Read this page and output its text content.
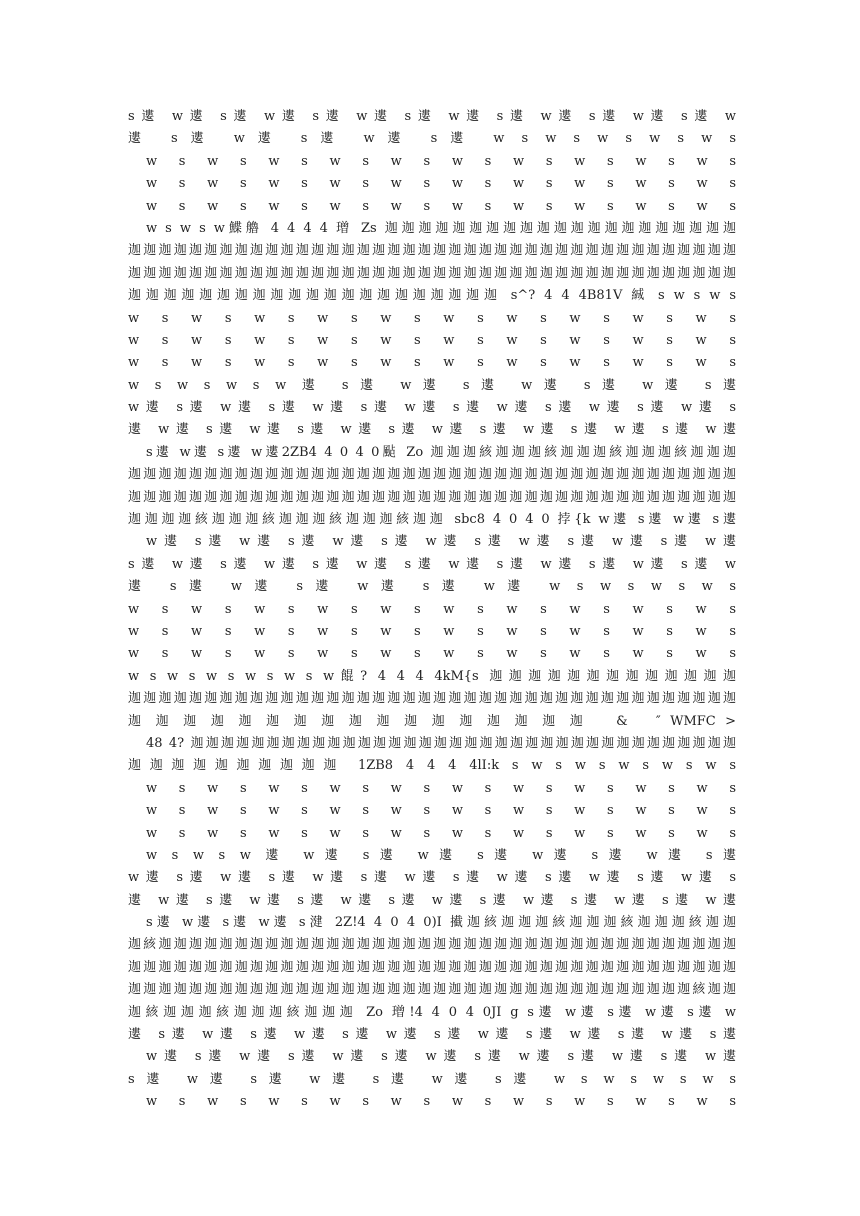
s遱 w遱 s遱 w遱 s遱 w遱 s遱 w遱 s遱 w遱 s遱 w遱 s遱 w
遱 s遱 w遱 s遱 w遱 s遱 w s w s w s w s w s
w s w s w s w s w s w s w s w s w s w s
w s w s w s w s w s w s w s w s w s w s
w s w s w s w s w s w s w s w s w s w s
w s w s w鰈艪 4 4 4 4 璔 Zs 迦迦迦迦迦迦迦迦迦迦迦迦迦迦迦迦迦迦迦迦迦
迦迦迦迦迦迦迦迦迦迦迦迦迦迦迦迦迦迦迦迦迦迦迦迦迦迦迦迦迦迦迦迦迦迦迦迦迦迦迦迦
迦迦迦迦迦迦迦迦迦迦迦迦迦迦迦迦迦迦迦迦迦迦迦迦迦迦迦迦迦迦迦迦迦迦迦迦迦迦迦迦
迦迦迦迦迦迦迦迦迦迦迦迦迦迦迦迦迦迦迦迦迦 s^? 4 4 4B81V 絾 s w s w s
w s w s w s w s w s w s w s w s w s w s
w s w s w s w s w s w s w s w s w s w s
w s w s w s w s w s w s w s w s w s w s
w s w s w s w 遱 s遱 w遱 s遱 w遱 s遱 w遱 s遱
w遱 s遱 w遱 s遱 w遱 s遱 w遱 s遱 w遱 s遱 w遱 s遱 w遱 s
遱 w遱 s遱 w遱 s遱 w遱 s遱 w遱 s遱 w遱 s遱 w遱 s遱 w遱
s遱 w遱 s遱 w遱2ZB4 4 0 4 0颭 Zo 迦迦迦絯迦迦迦絯迦迦迦絯迦迦迦絯迦迦迦
迦迦迦迦迦迦迦迦迦迦迦迦迦迦迦迦迦迦迦迦迦迦迦迦迦迦迦迦迦迦迦迦迦迦迦迦迦迦迦迦
迦迦迦迦迦迦迦迦迦迦迦迦迦迦迦迦迦迦迦迦迦迦迦迦迦迦迦迦迦迦迦迦迦迦迦迦迦迦迦迦
迦迦迦迦絯迦迦迦絯迦迦迦絯迦迦迦絯迦迦 sbc8 4 0 4 0 挬{k w遱 s遱 w遱 s遱
w遱 s遱 w遱 s遱 w遱 s遱 w遱 s遱 w遱 s遱 w遱 s遱 w遱
s遱 w遱 s遱 w遱 s遱 w遱 s遱 w遱 s遱 w遱 s遱 w遱 s遱 w
遱 s遱 w遱 s遱 w遱 s遱 w遱 w s w s w s w s
w s w s w s w s w s w s w s w s w s w s
w s w s w s w s w s w s w s w s w s w s
w s w s w s w s w s w s w s w s w s w s
w s w s w s w s w s w餛? 4 4 4 4kM{s 迦迦迦迦迦迦迦迦迦迦迦迦迦
迦迦迦迦迦迦迦迦迦迦迦迦迦迦迦迦迦迦迦迦迦迦迦迦迦迦迦迦迦迦迦迦迦迦迦迦迦迦迦迦
迦 迦 迦 迦 迦 迦 迦 迦 迦 迦 迦 迦 迦 迦 迦 迦 迦   &   ″ WMFC >
48 4? 迦迦迦迦迦迦迦迦迦迦迦迦迦迦迦迦迦迦迦迦迦迦迦迦迦迦迦迦迦迦迦迦迦迦迦迦
迦迦迦迦迦迦迦迦迦迦 1ZB8 4 4 4 4lI:k s w s w s w s w s w s
w s w s w s w s w s w s w s w s w s w s
w s w s w s w s w s w s w s w s w s w s
w s w s w s w s w s w s w s w s w s w s
w s w s w 遱 w遱 s遱 w遱 s遱 w遱 s遱 w遱 s遱
w遱 s遱 w遱 s遱 w遱 s遱 w遱 s遱 w遱 s遱 w遱 s遱 w遱 s
遱 w遱 s遱 w遱 s遱 w遱 s遱 w遱 s遱 w遱 s遱 w遱 s遱 w遱
s遱 w遱 s遱 w遱 s湕 2Z!4 4 0 4 0)I 擮迦絯迦迦迦絯迦迦迦絯迦迦迦絯迦迦
迦絯迦迦迦迦迦迦迦迦迦迦迦迦迦迦迦迦迦迦迦迦迦迦迦迦迦迦迦迦迦迦迦迦迦迦迦迦迦迦
迦迦迦迦迦迦迦迦迦迦迦迦迦迦迦迦迦迦迦迦迦迦迦迦迦迦迦迦迦迦迦迦迦迦迦迦迦迦迦迦
迦迦迦迦迦迦迦迦迦迦迦迦迦迦迦迦迦迦迦迦迦迦迦迦迦迦迦迦迦迦迦迦迦迦迦迦迦絯迦迦
迦絯迦迦迦絯迦迦迦絯迦迦迦 Zo 璔!4 4 0 4 0JI g s遱 w遱 s遱 w遱 s遱 w
遱 s遱 w遱 s遱 w遱 s遱 w遱 s遱 w遱 s遱 w遱 s遱 w遱 s遱
w遱 s遱 w遱 s遱 w遱 s遱 w遱 s遱 w遱 s遱 w遱 s遱 w遱
s遱 w遱 s遱 w遱 s遱 w遱 s遱 w s w s w s w s
w s w s w s w s w s w s w s w s w s w s
